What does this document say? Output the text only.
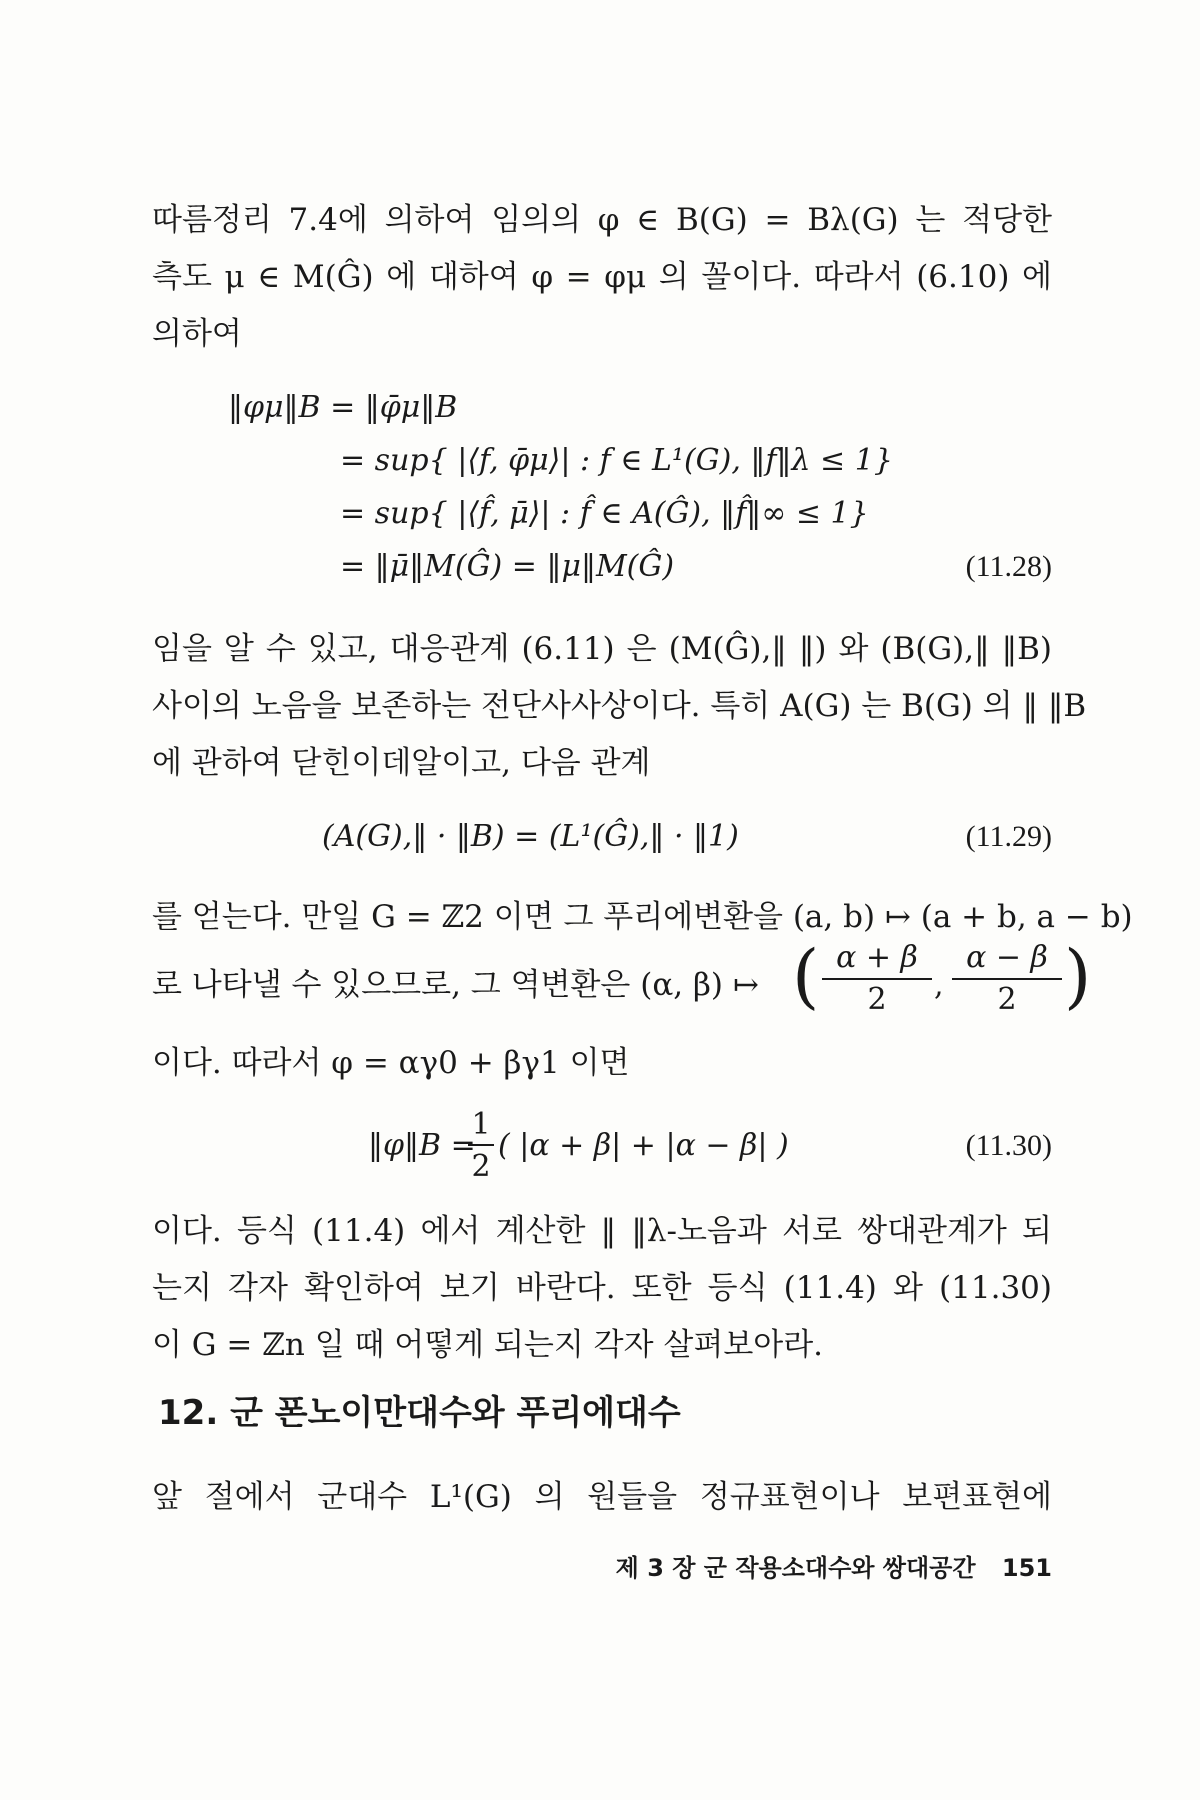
따름정리 7.4에 의하여 임의의 φ ∈ B(G) = Bλ(G) 는 적당한
측도 μ ∈ M(Ĝ) 에 대하여 φ = φμ 의 꼴이다. 따라서 (6.10) 에
의하여
‖φμ‖B = ‖φ̄μ‖B
= sup{ |⟨f, φ̄μ⟩| : f ∈ L¹(G), ‖f‖λ ≤ 1}
= sup{ |⟨f̂, μ̄⟩| : f̂ ∈ A(Ĝ), ‖f̂‖∞ ≤ 1}
= ‖μ̄‖M(Ĝ) = ‖μ‖M(Ĝ)	(11.28)
임을 알 수 있고, 대응관계 (6.11) 은 (M(Ĝ),‖ ‖) 와 (B(G),‖ ‖B)
사이의 노음을 보존하는 전단사사상이다. 특히 A(G) 는 B(G) 의 ‖ ‖B
에 관하여 닫힌이데알이고, 다음 관계
(A(G),‖ · ‖B) = (L¹(Ĝ),‖ · ‖1)	(11.29)
를 얻는다. 만일 G = ℤ2 이면 그 푸리에변환을 (a, b) ↦ (a + b, a − b)
로 나타낼 수 있으므로, 그 역변환은 (α, β) ↦ ( α + β
2	,
α − β
2 )
이다. 따라서 φ = αγ0 + βγ1 이면
‖φ‖B =
1
2
( |α + β| + |α − β| )	(11.30)
이다. 등식 (11.4) 에서 계산한 ‖ ‖λ-노음과 서로 쌍대관계가 되
는지 각자 확인하여 보기 바란다. 또한 등식 (11.4) 와 (11.30)
이 G = ℤn 일 때 어떻게 되는지 각자 살펴보아라.
12. 군 폰노이만대수와 푸리에대수
앞 절에서 군대수 L¹(G) 의 원들을 정규표현이나 보편표현에
제 3 장 군 작용소대수와 쌍대공간 151
